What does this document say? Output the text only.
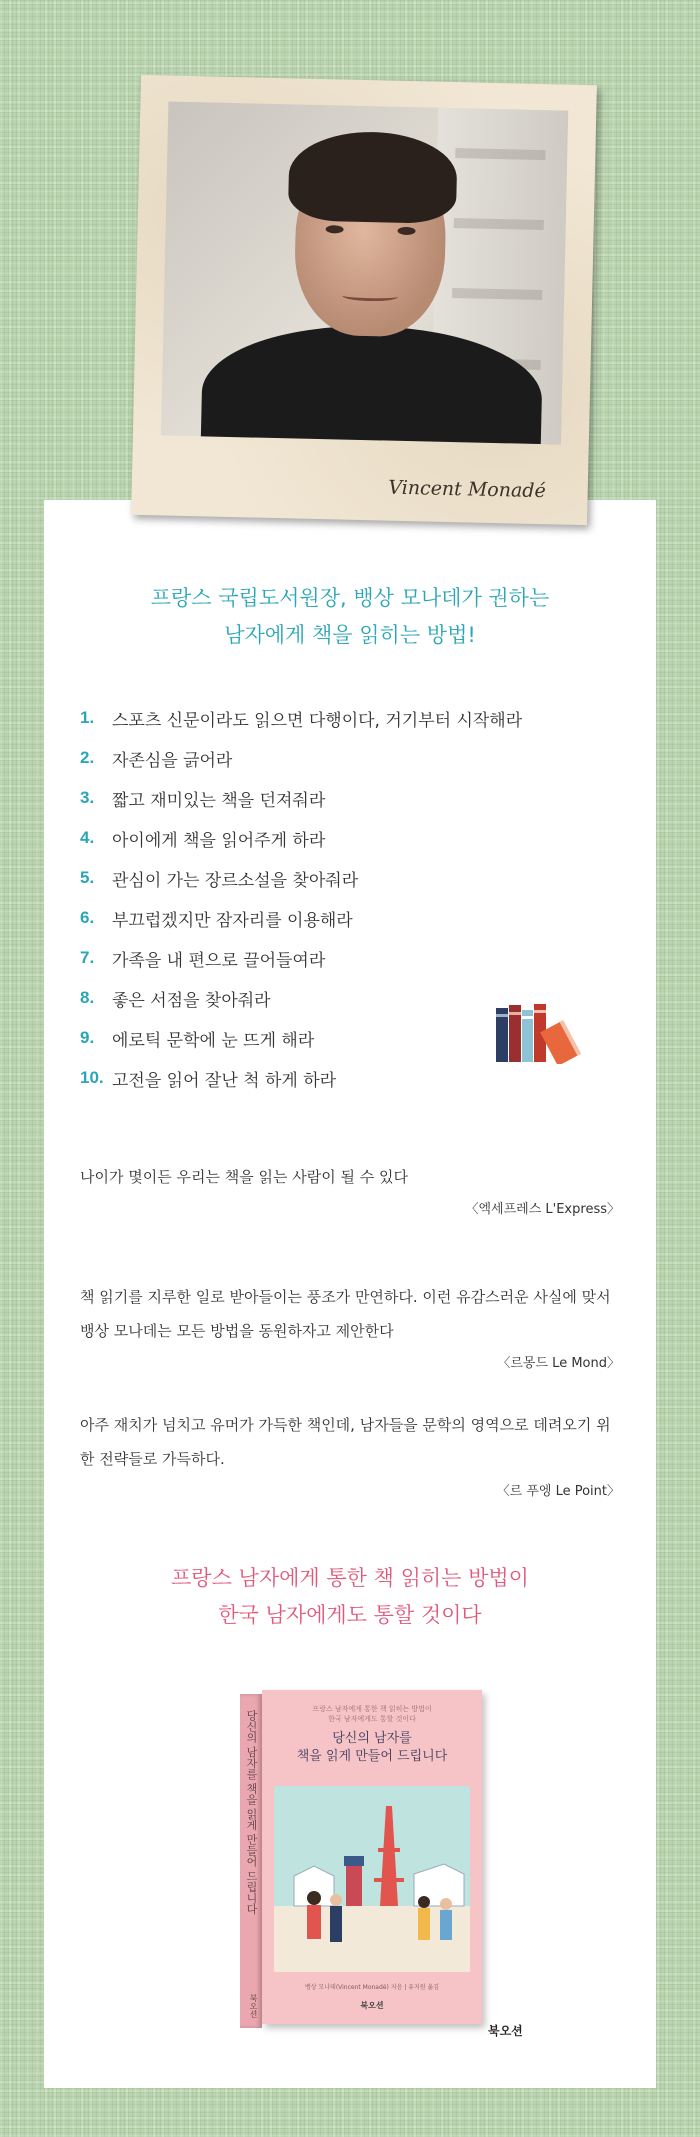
프랑스 국립도서원장, 뱅상 모나데가 권하는
남자에게 책을 읽히는 방법!
1.	스포츠 신문이라도 읽으면 다행이다, 거기부터 시작해라
2.	자존심을 긁어라
3.	짧고 재미있는 책을 던져줘라
4.	아이에게 책을 읽어주게 하라
5.	관심이 가는 장르소설을 찾아줘라
6.	부끄럽겠지만 잠자리를 이용해라
7.	가족을 내 편으로 끌어들여라
8.	좋은 서점을 찾아줘라
9.	에로틱 문학에 눈 뜨게 해라
10. 고전을 읽어 잘난 척 하게 하라

나이가 몇이든 우리는 책을 읽는 사람이 될 수 있다

〈엑세프레스 L'Express〉

책 읽기를 지루한 일로 받아들이는 풍조가 만연하다. 이런 유감스러운 사실에 맞서 뱅상 모나데는 모든 방법을 동원하자고 제안한다

〈르몽드 Le Mond〉

아주 재치가 넘치고 유머가 가득한 책인데, 남자들을 문학의 영역으로 데려오기 위한 전략들로 가득하다.

〈르 푸엥 Le Point〉
프랑스 남자에게 통한 책 읽히는 방법이
한국 남자에게도 통할 것이다
당신의 남자를 책을 읽게 만들어 드립니다
북오션
프랑스 남자에게 통한 책 읽히는 방법이
한국 남자에게도 통할 것이다
당신의 남자를
책을 읽게 만들어 드립니다
뱅상 모나데(Vincent Monadé) 지음 | 유지원 옮김
북오션
북오션
Vincent Monadé
